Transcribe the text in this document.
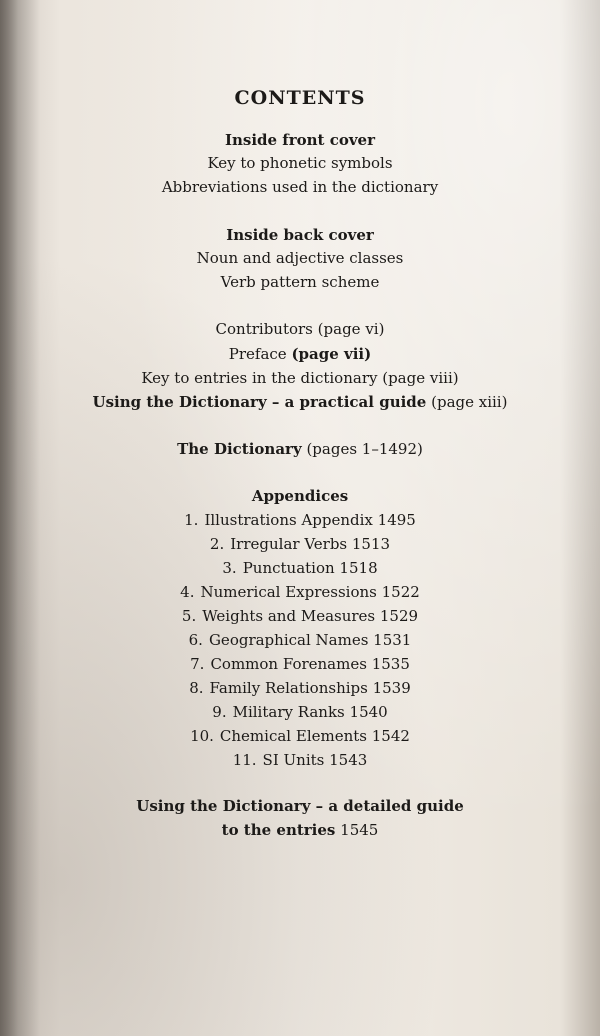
CONTENTS
Inside front cover
Key to phonetic symbols
Abbreviations used in the dictionary
Inside back cover
Noun and adjective classes
Verb pattern scheme
Contributors (page vi)
Preface (page vii)
Key to entries in the dictionary (page viii)
Using the Dictionary – a practical guide (page xiii)
The Dictionary (pages 1–1492)
Appendices
1. Illustrations Appendix 1495
2. Irregular Verbs 1513
3. Punctuation 1518
4. Numerical Expressions 1522
5. Weights and Measures 1529
6. Geographical Names 1531
7. Common Forenames 1535
8. Family Relationships 1539
9. Military Ranks 1540
10. Chemical Elements 1542
11. SI Units 1543
Using the Dictionary – a detailed guide
to the entries 1545
